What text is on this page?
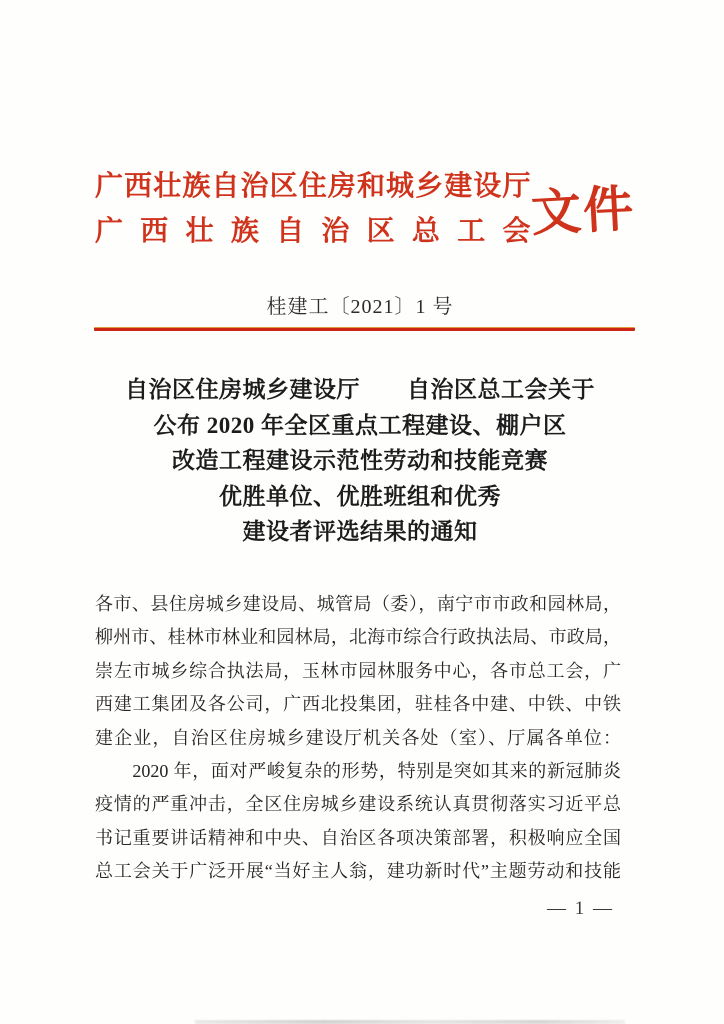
广西壮族自治区住房和城乡建设厅
广西壮族自治区总工会
文件
桂建工〔2021〕1 号
自治区住房城乡建设厅　　自治区总工会关于
公布 2020 年全区重点工程建设、棚户区
改造工程建设示范性劳动和技能竞赛
优胜单位、优胜班组和优秀
建设者评选结果的通知
各市、县住房城乡建设局、城管局（委），南宁市市政和园林局，
柳州市、桂林市林业和园林局，北海市综合行政执法局、市政局，
崇左市城乡综合执法局，玉林市园林服务中心，各市总工会，广
西建工集团及各公司，广西北投集团，驻桂各中建、中铁、中铁
建企业，自治区住房城乡建设厅机关各处（室）、厅属各单位：
　　2020 年，面对严峻复杂的形势，特别是突如其来的新冠肺炎
疫情的严重冲击，全区住房城乡建设系统认真贯彻落实习近平总
书记重要讲话精神和中央、自治区各项决策部署，积极响应全国
总工会关于广泛开展“当好主人翁，建功新时代”主题劳动和技能
— 1 —
